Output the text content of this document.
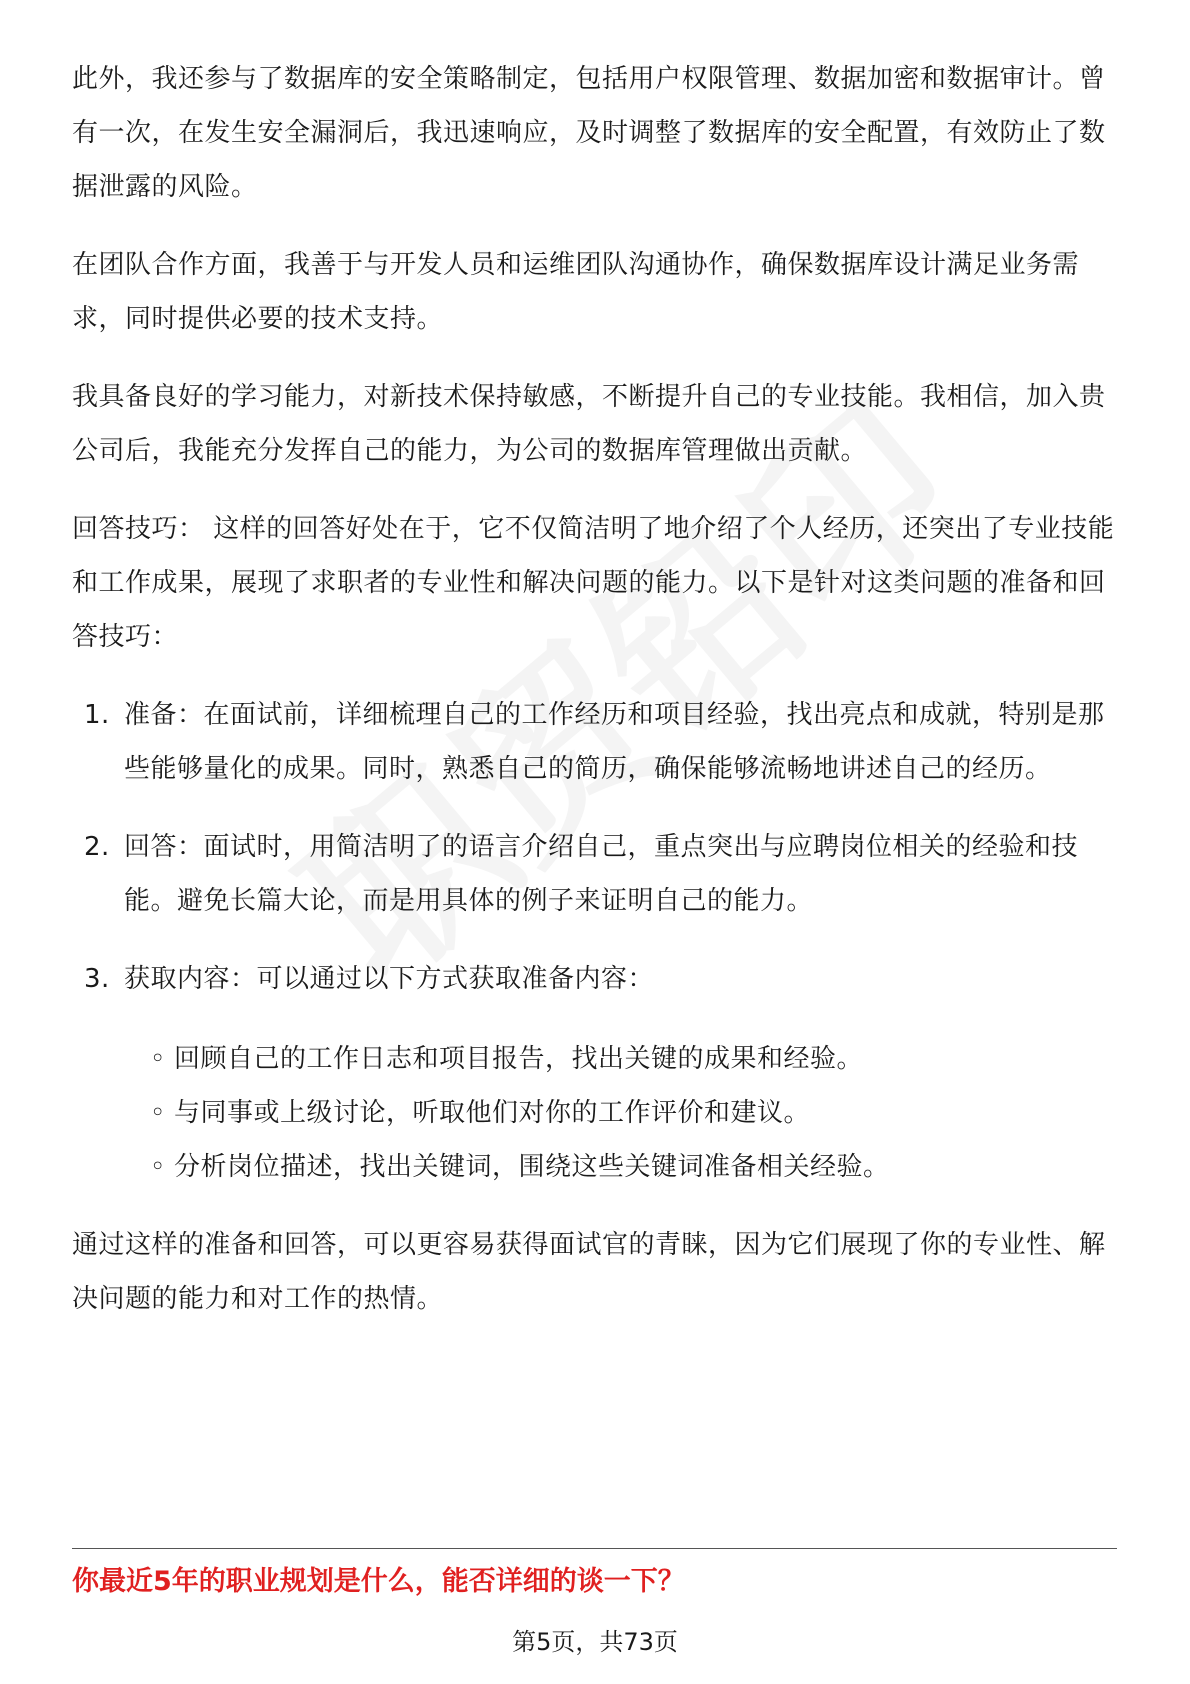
此外，我还参与了数据库的安全策略制定，包括用户权限管理、数据加密和数据审计。曾有一次，在发生安全漏洞后，我迅速响应，及时调整了数据库的安全配置，有效防止了数据泄露的风险。

在团队合作方面，我善于与开发人员和运维团队沟通协作，确保数据库设计满足业务需求，同时提供必要的技术支持。

我具备良好的学习能力，对新技术保持敏感，不断提升自己的专业技能。我相信，加入贵公司后，我能充分发挥自己的能力，为公司的数据库管理做出贡献。

回答技巧： 这样的回答好处在于，它不仅简洁明了地介绍了个人经历，还突出了专业技能和工作成果，展现了求职者的专业性和解决问题的能力。以下是针对这类问题的准备和回答技巧：

1. 准备：在面试前，详细梳理自己的工作经历和项目经验，找出亮点和成就，特别是那些能够量化的成果。同时，熟悉自己的简历，确保能够流畅地讲述自己的经历。
2. 回答：面试时，用简洁明了的语言介绍自己，重点突出与应聘岗位相关的经验和技能。避免长篇大论，而是用具体的例子来证明自己的能力。
3. 获取内容：可以通过以下方式获取准备内容：
◦ 回顾自己的工作日志和项目报告，找出关键的成果和经验。
◦ 与同事或上级讨论，听取他们对你的工作评价和建议。
◦ 分析岗位描述，找出关键词，围绕这些关键词准备相关经验。

通过这样的准备和回答，可以更容易获得面试官的青睐，因为它们展现了你的专业性、解决问题的能力和对工作的热情。

你最近5年的职业规划是什么，能否详细的谈一下？
第5页，共73页
